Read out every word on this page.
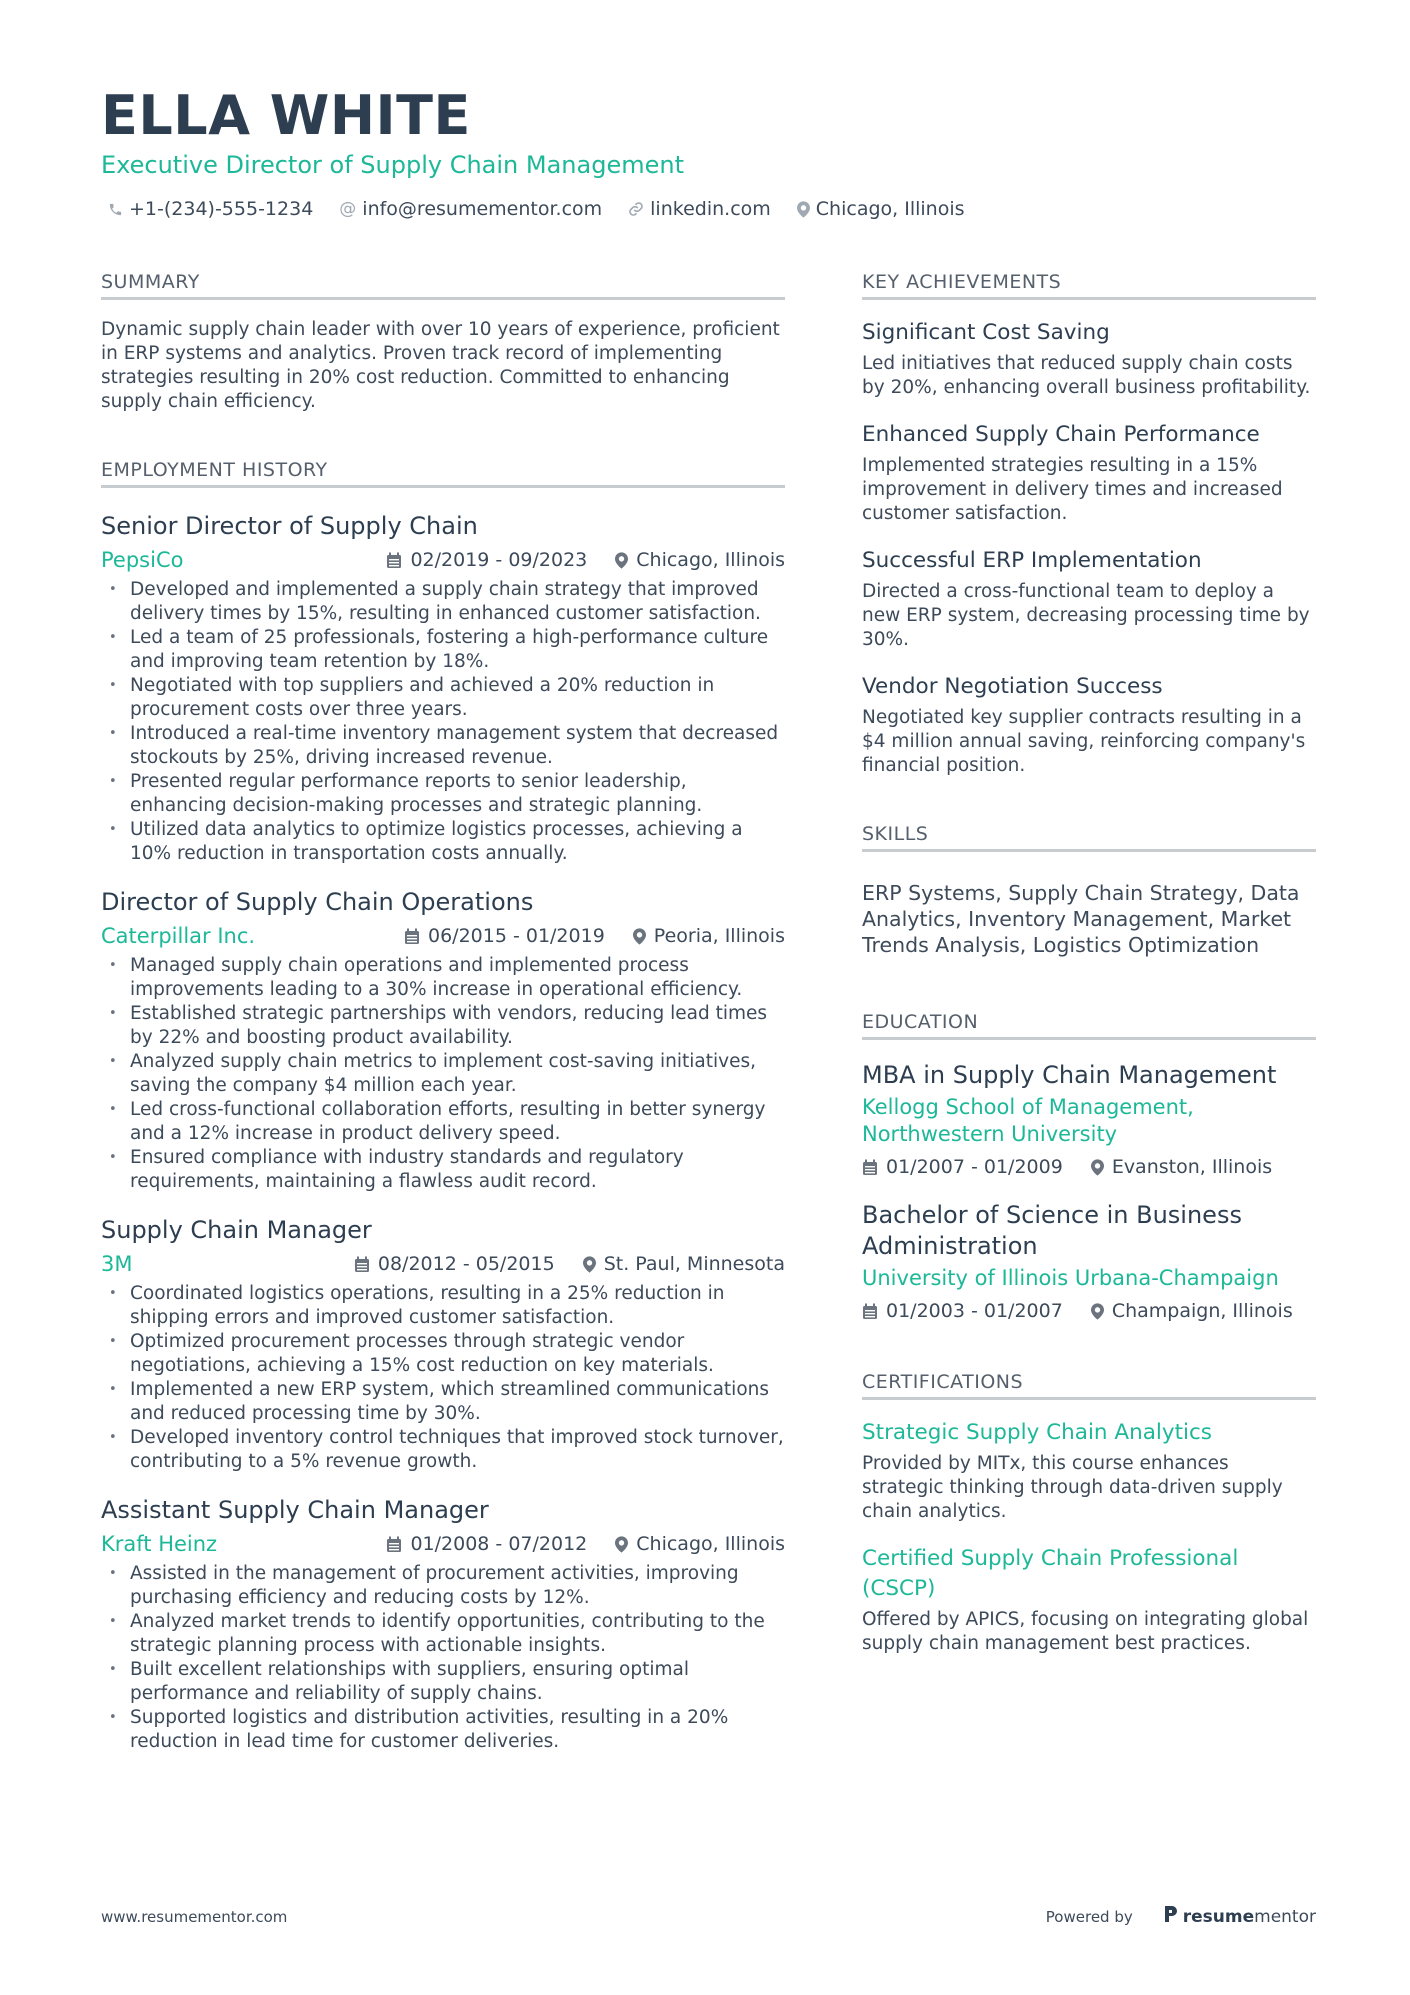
ELLA WHITE
Executive Director of Supply Chain Management
+1-(234)-555-1234 @ info@resumementor.com	linkedin.com Chicago, Illinois
SUMMARY

Dynamic supply chain leader with over 10 years of experience, proficient in ERP systems and analytics. Proven track record of implementing strategies resulting in 20% cost reduction. Committed to enhancing supply chain efficiency.

EMPLOYMENT HISTORY
Senior Director of Supply Chain
PepsiCo	02/2019 - 09/2023	Chicago, Illinois
• Developed and implemented a supply chain strategy that improved delivery times by 15%, resulting in enhanced customer satisfaction.
• Led a team of 25 professionals, fostering a high-performance culture and improving team retention by 18%.
• Negotiated with top suppliers and achieved a 20% reduction in procurement costs over three years.
• Introduced a real-time inventory management system that decreased stockouts by 25%, driving increased revenue.
• Presented regular performance reports to senior leadership, enhancing decision-making processes and strategic planning.
• Utilized data analytics to optimize logistics processes, achieving a 10% reduction in transportation costs annually.
Director of Supply Chain Operations
Caterpillar Inc.	06/2015 - 01/2019	Peoria, Illinois
• Managed supply chain operations and implemented process improvements leading to a 30% increase in operational efficiency.
• Established strategic partnerships with vendors, reducing lead times by 22% and boosting product availability.
• Analyzed supply chain metrics to implement cost-saving initiatives, saving the company $4 million each year.
• Led cross-functional collaboration efforts, resulting in better synergy and a 12% increase in product delivery speed.
• Ensured compliance with industry standards and regulatory requirements, maintaining a flawless audit record.
Supply Chain Manager
3M	08/2012 - 05/2015	St. Paul, Minnesota
• Coordinated logistics operations, resulting in a 25% reduction in shipping errors and improved customer satisfaction.
• Optimized procurement processes through strategic vendor negotiations, achieving a 15% cost reduction on key materials.
• Implemented a new ERP system, which streamlined communications and reduced processing time by 30%.
• Developed inventory control techniques that improved stock turnover, contributing to a 5% revenue growth.
Assistant Supply Chain Manager
Kraft Heinz	01/2008 - 07/2012	Chicago, Illinois
• Assisted in the management of procurement activities, improving purchasing efficiency and reducing costs by 12%.
• Analyzed market trends to identify opportunities, contributing to the strategic planning process with actionable insights.
• Built excellent relationships with suppliers, ensuring optimal performance and reliability of supply chains.
• Supported logistics and distribution activities, resulting in a 20% reduction in lead time for customer deliveries.
KEY ACHIEVEMENTS
Significant Cost Saving
Led initiatives that reduced supply chain costs by 20%, enhancing overall business profitability.
Enhanced Supply Chain Performance
Implemented strategies resulting in a 15% improvement in delivery times and increased customer satisfaction.
Successful ERP Implementation
Directed a cross-functional team to deploy a new ERP system, decreasing processing time by 30%.
Vendor Negotiation Success
Negotiated key supplier contracts resulting in a $4 million annual saving, reinforcing company's financial position.
SKILLS
ERP Systems, Supply Chain Strategy, Data Analytics, Inventory Management, Market Trends Analysis, Logistics Optimization
EDUCATION
MBA in Supply Chain Management
Kellogg School of Management, Northwestern University
01/2007 - 01/2009	Evanston, Illinois
Bachelor of Science in Business Administration
University of Illinois Urbana-Champaign
01/2003 - 01/2007	Champaign, Illinois
CERTIFICATIONS
Strategic Supply Chain Analytics
Provided by MITx, this course enhances strategic thinking through data-driven supply chain analytics.
Certified Supply Chain Professional (CSCP)
Offered by APICS, focusing on integrating global supply chain management best practices.
www.resumementor.com	Powered by	resumementor
